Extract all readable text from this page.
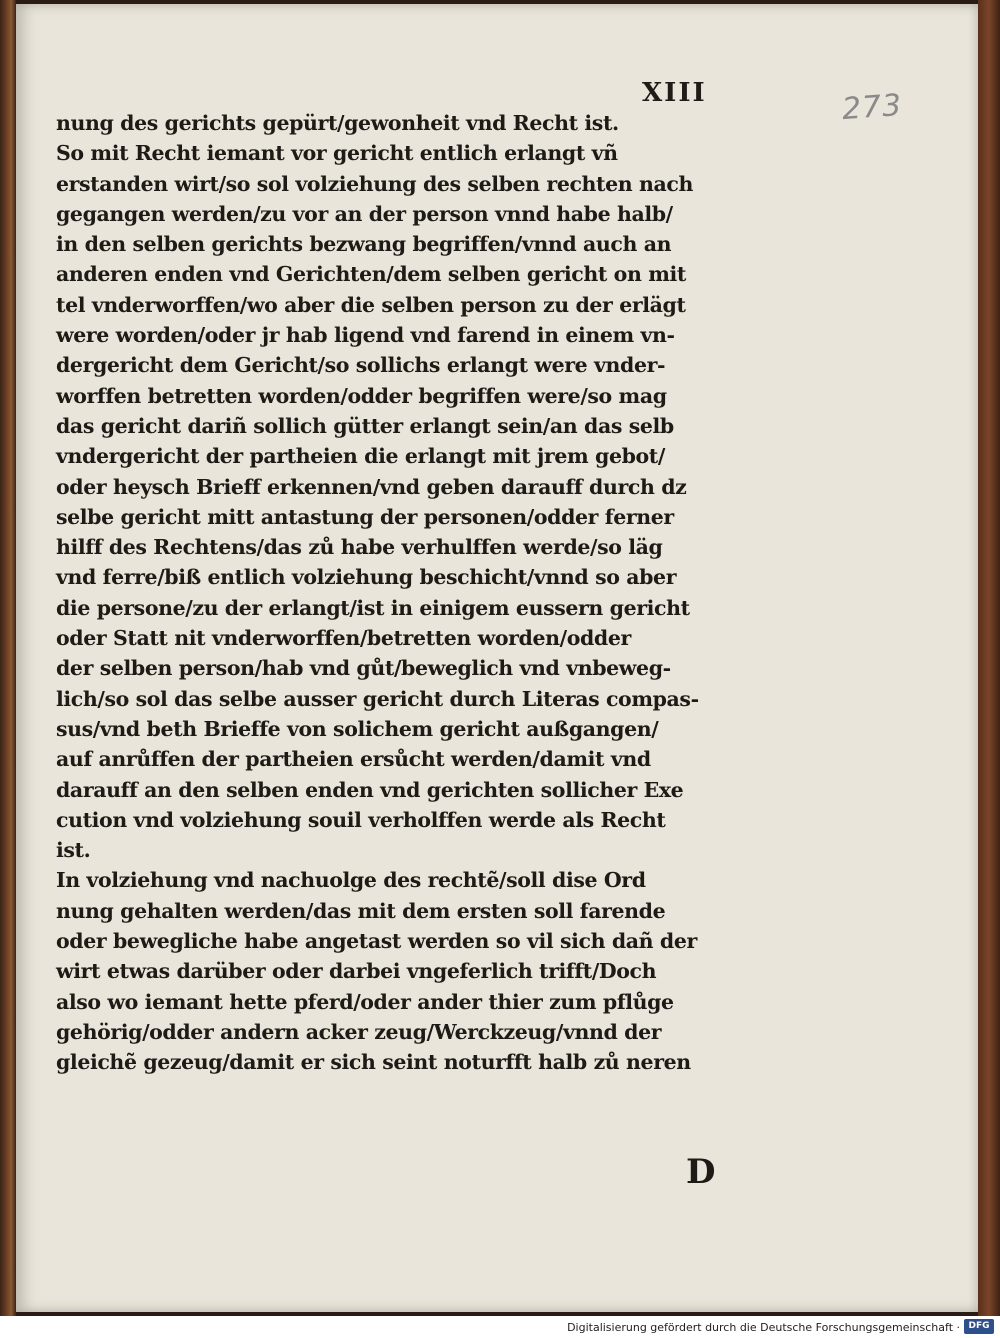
XIII	273
nung des gerichts gepürt/gewonheit vnd Recht ist.
So mit Recht iemant vor gericht entlich erlangt vñ
erstanden wirt/so sol volziehung des selben rechten nach
gegangen werden/zu vor an der person vnnd habe halb/
in den selben gerichts bezwang begriffen/vnnd auch an
anderen enden vnd Gerichten/dem selben gericht on mit
tel vnderworffen/wo aber die selben person zu der erlägt
were worden/oder jr hab ligend vnd farend in einem vn-
dergericht dem Gericht/so sollichs erlangt were vnder-
worffen betretten worden/odder begriffen were/so mag
das gericht dariñ sollich gütter erlangt sein/an das selb
vndergericht der partheien die erlangt mit jrem gebot/
oder heysch Brieff erkennen/vnd geben darauff durch dz
selbe gericht mitt antastung der personen/odder ferner
hilff des Rechtens/das zů habe verhulffen werde/so läg
vnd ferre/biß entlich volziehung beschicht/vnnd so aber
die persone/zu der erlangt/ist in einigem eussern gericht
oder Statt nit vnderworffen/betretten worden/odder
der selben person/hab vnd gůt/beweglich vnd vnbeweg-
lich/so sol das selbe ausser gericht durch Literas compas-
sus/vnd beth Brieffe von solichem gericht außgangen/
auf anrůffen der partheien ersůcht werden/damit vnd
darauff an den selben enden vnd gerichten sollicher Exe
cution vnd volziehung souil verholffen werde als Recht
ist.
In volziehung vnd nachuolge des rechtẽ/soll dise Ord
nung gehalten werden/das mit dem ersten soll farende
oder bewegliche habe angetast werden so vil sich dañ der
wirt etwas darüber oder darbei vngeferlich trifft/Doch
also wo iemant hette pferd/oder ander thier zum pflůge
gehörig/odder andern acker zeug/Werckzeug/vnnd der
gleichẽ gezeug/damit er sich seint noturfft halb zů neren
D
Digitalisierung gefördert durch die Deutsche Forschungsgemeinschaft · DFG
